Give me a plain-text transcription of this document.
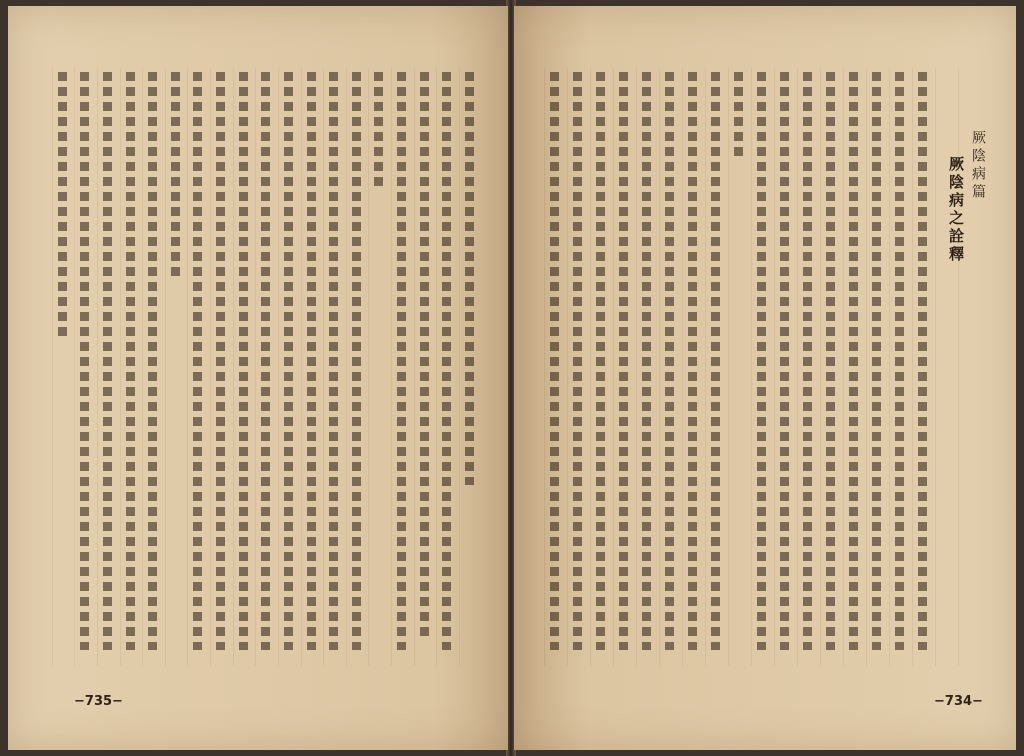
−735−
厥陰病篇
厥陰病之詮釋
−734−
